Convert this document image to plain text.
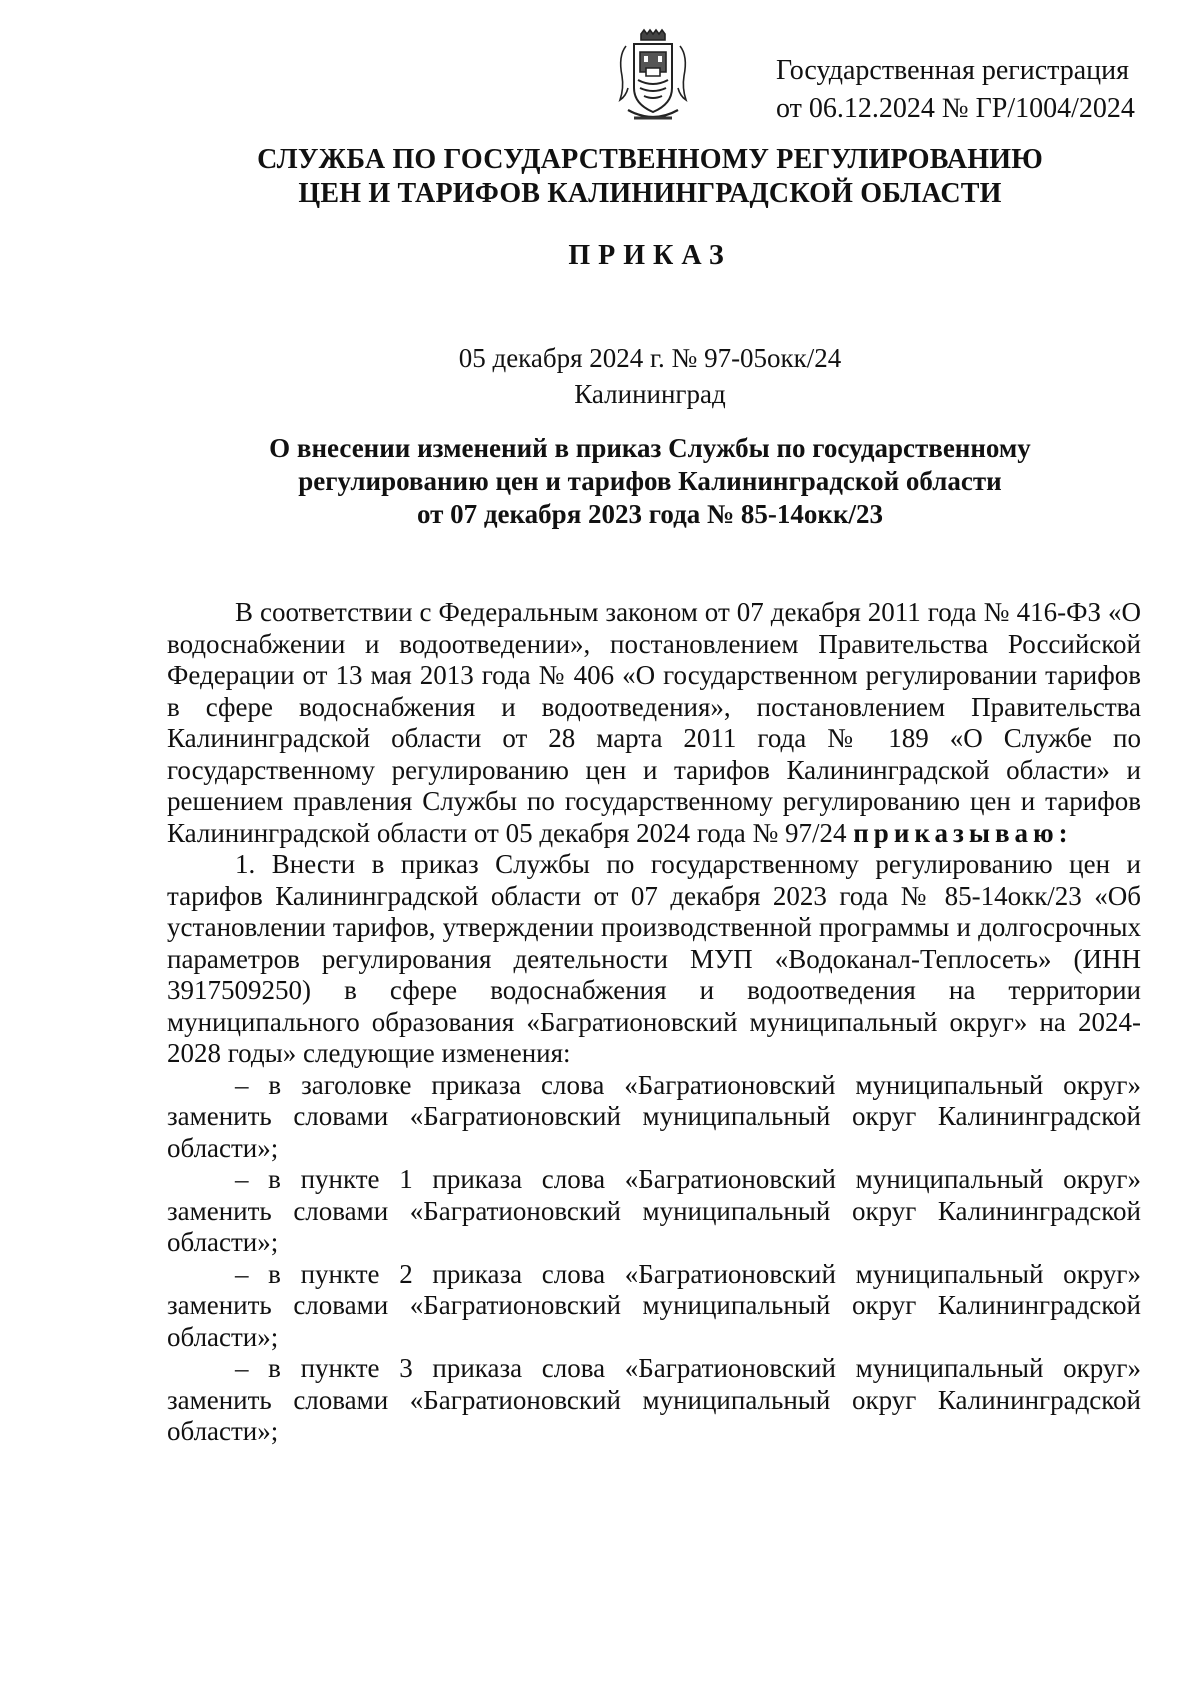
Государственная регистрация
от 06.12.2024 № ГР/1004/2024
СЛУЖБА ПО ГОСУДАРСТВЕННОМУ РЕГУЛИРОВАНИЮ
ЦЕН И ТАРИФОВ КАЛИНИНГРАДСКОЙ ОБЛАСТИ
ПРИКАЗ
05 декабря 2024 г. № 97-05окк/24
Калининград
О внесении изменений в приказ Службы по государственному
регулированию цен и тарифов Калининградской области
от 07 декабря 2023 года № 85-14окк/23

В соответствии с Федеральным законом от 07 декабря 2011 года № 416-ФЗ «О водоснабжении и водоотведении», постановлением Правительства Российской Федерации от 13 мая 2013 года № 406 «О государственном регулировании тарифов в сфере водоснабжения и водоотведения», постановлением Правительства Калининградской области от 28 марта 2011 года № 189 «О Службе по государственному регулированию цен и тарифов Калининградской области» и решением правления Службы по государственному регулированию цен и тарифов Калининградской области от 05 декабря 2024 года № 97/24 приказываю:

1. Внести в приказ Службы по государственному регулированию цен и тарифов Калининградской области от 07 декабря 2023 года № 85-14окк/23 «Об установлении тарифов, утверждении производственной программы и долгосрочных параметров регулирования деятельности МУП «Водоканал-Теплосеть» (ИНН 3917509250) в сфере водоснабжения и водоотведения на территории муниципального образования «Багратионовский муниципальный округ» на 2024-2028 годы» следующие изменения:

– в заголовке приказа слова «Багратионовский муниципальный округ» заменить словами «Багратионовский муниципальный округ Калининградской области»;

– в пункте 1 приказа слова «Багратионовский муниципальный округ» заменить словами «Багратионовский муниципальный округ Калининградской области»;

– в пункте 2 приказа слова «Багратионовский муниципальный округ» заменить словами «Багратионовский муниципальный округ Калининградской области»;

– в пункте 3 приказа слова «Багратионовский муниципальный округ» заменить словами «Багратионовский муниципальный округ Калининградской области»;
